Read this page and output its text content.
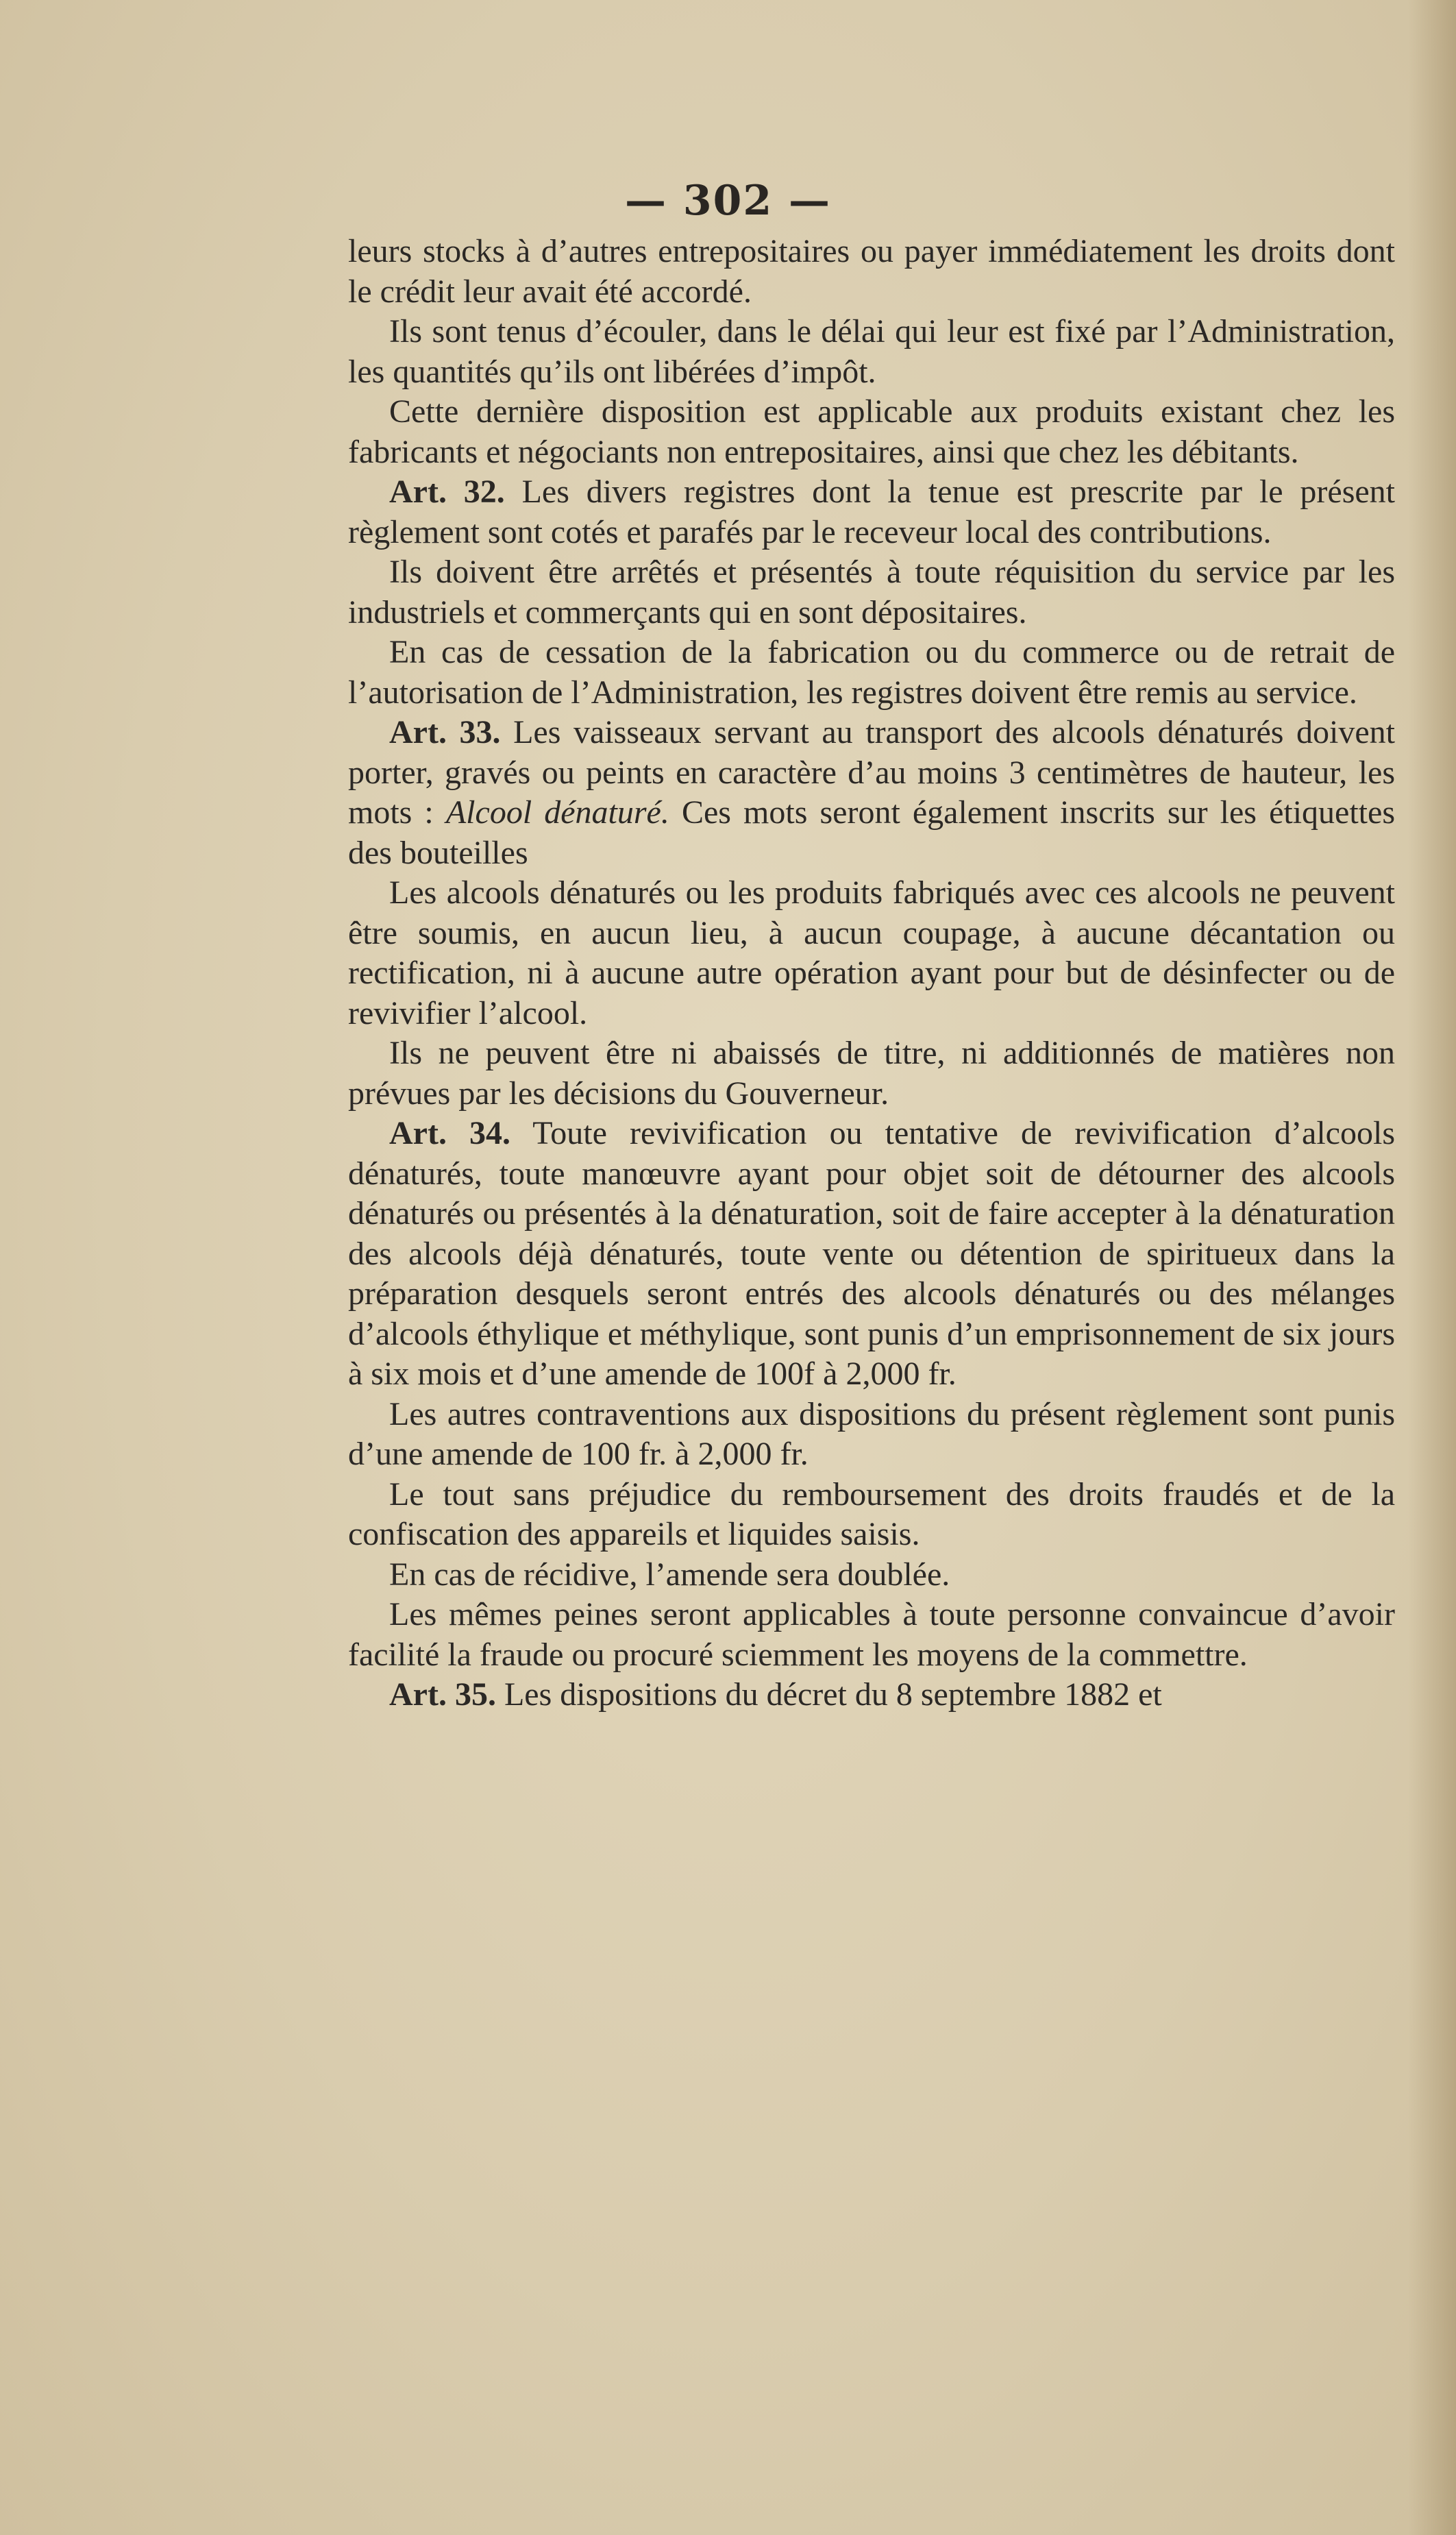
— 302 —

leurs stocks à d’autres entrepositaires ou payer immédiatement les droits dont le crédit leur avait été accordé.

Ils sont tenus d’écouler, dans le délai qui leur est fixé par l’Administration, les quantités qu’ils ont libérées d’impôt.

Cette dernière disposition est applicable aux produits existant chez les fabricants et négociants non entrepositaires, ainsi que chez les débitants.

Art. 32. Les divers registres dont la tenue est prescrite par le présent règlement sont cotés et parafés par le receveur local des contributions.

Ils doivent être arrêtés et présentés à toute réquisition du service par les industriels et commerçants qui en sont dépositaires.

En cas de cessation de la fabrication ou du commerce ou de retrait de l’autorisation de l’Administration, les registres doivent être remis au service.

Art. 33. Les vaisseaux servant au transport des alcools dénaturés doivent porter, gravés ou peints en caractère d’au moins 3 centimètres de hauteur, les mots : Alcool dénaturé. Ces mots seront également inscrits sur les étiquettes des bouteilles

Les alcools dénaturés ou les produits fabriqués avec ces alcools ne peuvent être soumis, en aucun lieu, à aucun coupage, à aucune décantation ou rectification, ni à aucune autre opération ayant pour but de désinfecter ou de revivifier l’alcool.

Ils ne peuvent être ni abaissés de titre, ni additionnés de matières non prévues par les décisions du Gouverneur.

Art. 34. Toute revivification ou tentative de revivification d’alcools dénaturés, toute manœuvre ayant pour objet soit de détourner des alcools dénaturés ou présentés à la dénaturation, soit de faire accepter à la dénaturation des alcools déjà dénaturés, toute vente ou détention de spiritueux dans la préparation desquels seront entrés des alcools dénaturés ou des mélanges d’alcools éthylique et méthylique, sont punis d’un emprisonnement de six jours à six mois et d’une amende de 100f à 2,000 fr.

Les autres contraventions aux dispositions du présent règlement sont punis d’une amende de 100 fr. à 2,000 fr.

Le tout sans préjudice du remboursement des droits fraudés et de la confiscation des appareils et liquides saisis.

En cas de récidive, l’amende sera doublée.

Les mêmes peines seront applicables à toute personne convaincue d’avoir facilité la fraude ou procuré sciemment les moyens de la commettre.

Art. 35. Les dispositions du décret du 8 septembre 1882 et
